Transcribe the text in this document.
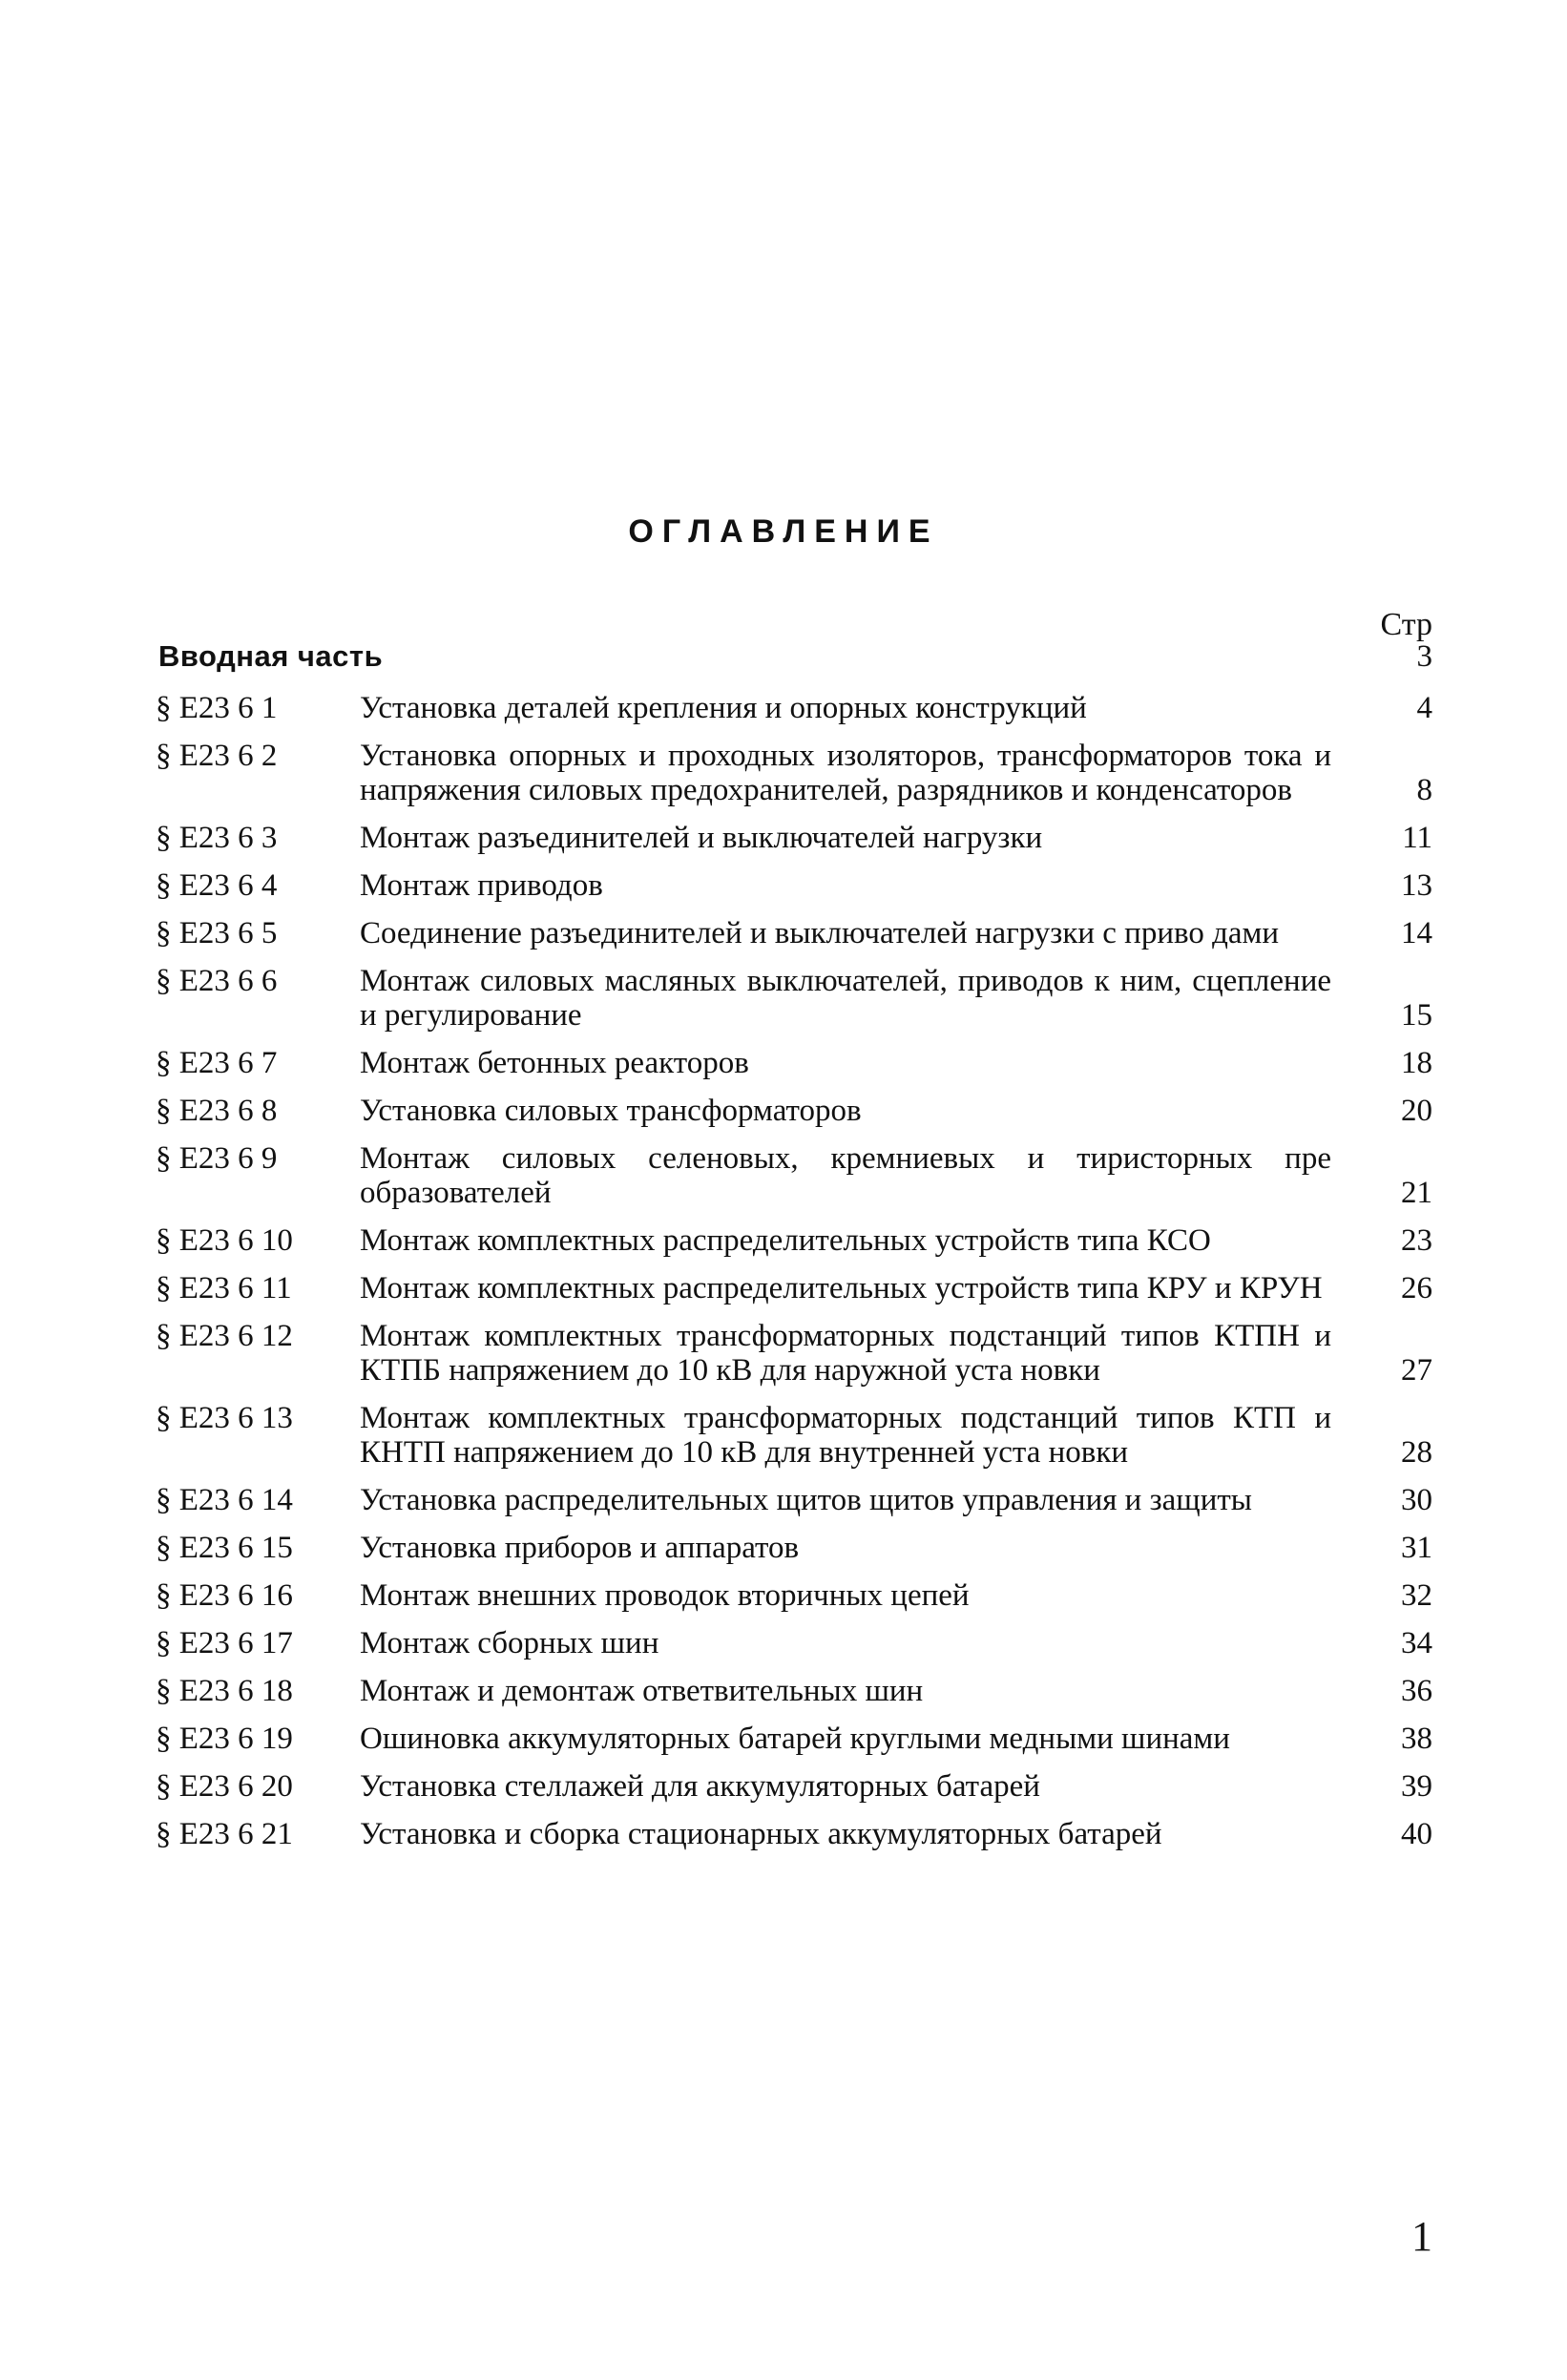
ОГЛАВЛЕНИЕ
Стр
Вводная часть	3
§ Е23 6 1	Установка деталей крепления и опорных конструкций	4
§ Е23 6 2	Установка опорных и проходных изоляторов, трансформаторов тока и напряжения силовых предохранителей, разрядников и конденсаторов	8
§ Е23 6 3	Монтаж разъединителей и выключателей нагрузки	11
§ Е23 6 4	Монтаж приводов	13
§ Е23 6 5	Соединение разъединителей и выключателей нагрузки с приво дами	14
§ Е23 6 6	Монтаж силовых масляных выключателей, приводов к ним, сцепление и регулирование	15
§ Е23 6 7	Монтаж бетонных реакторов	18
§ Е23 6 8	Установка силовых трансформаторов	20
§ Е23 6 9	Монтаж силовых селеновых, кремниевых и тиристорных пре образователей	21
§ Е23 6 10	Монтаж комплектных распределительных устройств типа КСО	23
§ Е23 6 11	Монтаж комплектных распределительных устройств типа КРУ и КРУН	26
§ Е23 6 12	Монтаж комплектных трансформаторных подстанций типов КТПН и КТПБ напряжением до 10 кВ для наружной уста новки	27
§ Е23 6 13	Монтаж комплектных трансформаторных подстанций типов КТП и КНТП напряжением до 10 кВ для внутренней уста новки	28
§ Е23 6 14	Установка распределительных щитов щитов управления и защиты	30
§ Е23 6 15	Установка приборов и аппаратов	31
§ Е23 6 16	Монтаж внешних проводок вторичных цепей	32
§ Е23 6 17	Монтаж сборных шин	34
§ Е23 6 18	Монтаж и демонтаж ответвительных шин	36
§ Е23 6 19	Ошиновка аккумуляторных батарей круглыми медными шинами	38
§ Е23 6 20	Установка стеллажей для аккумуляторных батарей	39
§ Е23 6 21	Установка и сборка стационарных аккумуляторных батарей	40
1
